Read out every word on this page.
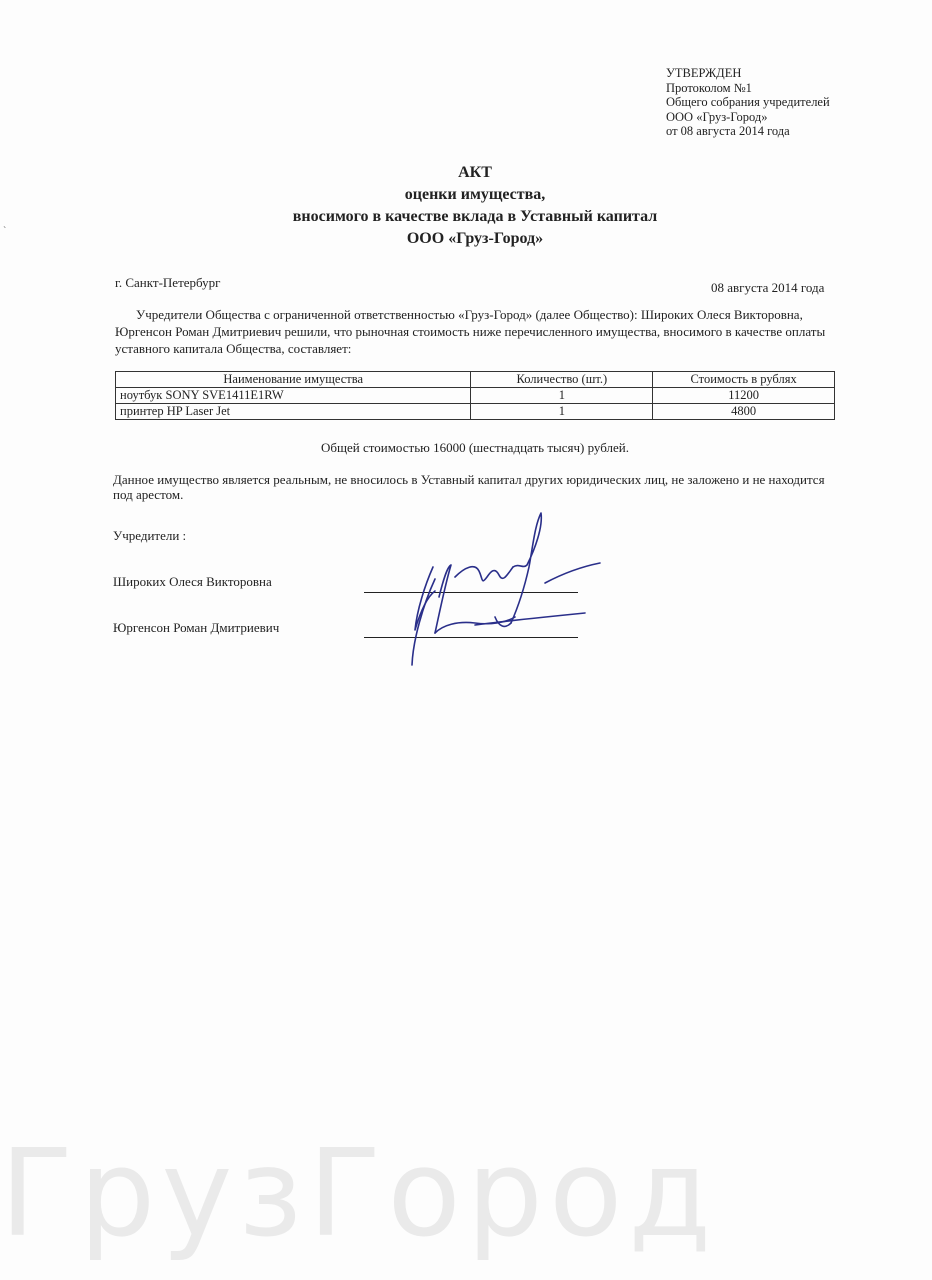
`
УТВЕРЖДЕН
Протоколом №1
Общего собрания учредителей
ООО «Груз-Город»
от 08 августа 2014 года
АКТ
оценки имущества,
вносимого в качестве вклада в Уставный капитал
ООО «Груз-Город»
г. Санкт-Петербург	08 августа 2014 года

Учредители Общества с ограниченной ответственностью «Груз-Город» (далее Общество): Широких Олеся Викторовна, Юргенсон Роман Дмитриевич решили, что рыночная стоимость ниже перечисленного имущества, вносимого в качестве оплаты уставного капитала Общества, составляет:

Наименование имущества	Количество (шт.)	Стоимость в рублях
ноутбук SONY SVE1411E1RW	1	11200
принтер HP Laser Jet	1	4800
Общей стоимостью 16000 (шестнадцать тысяч) рублей.
Данное имущество является реальным, не вносилось в Уставный капитал других юридических лиц, не заложено и не находится под арестом.
Учредители :
Широких Олеся Викторовна
Юргенсон Роман Дмитриевич
ГрузГород
